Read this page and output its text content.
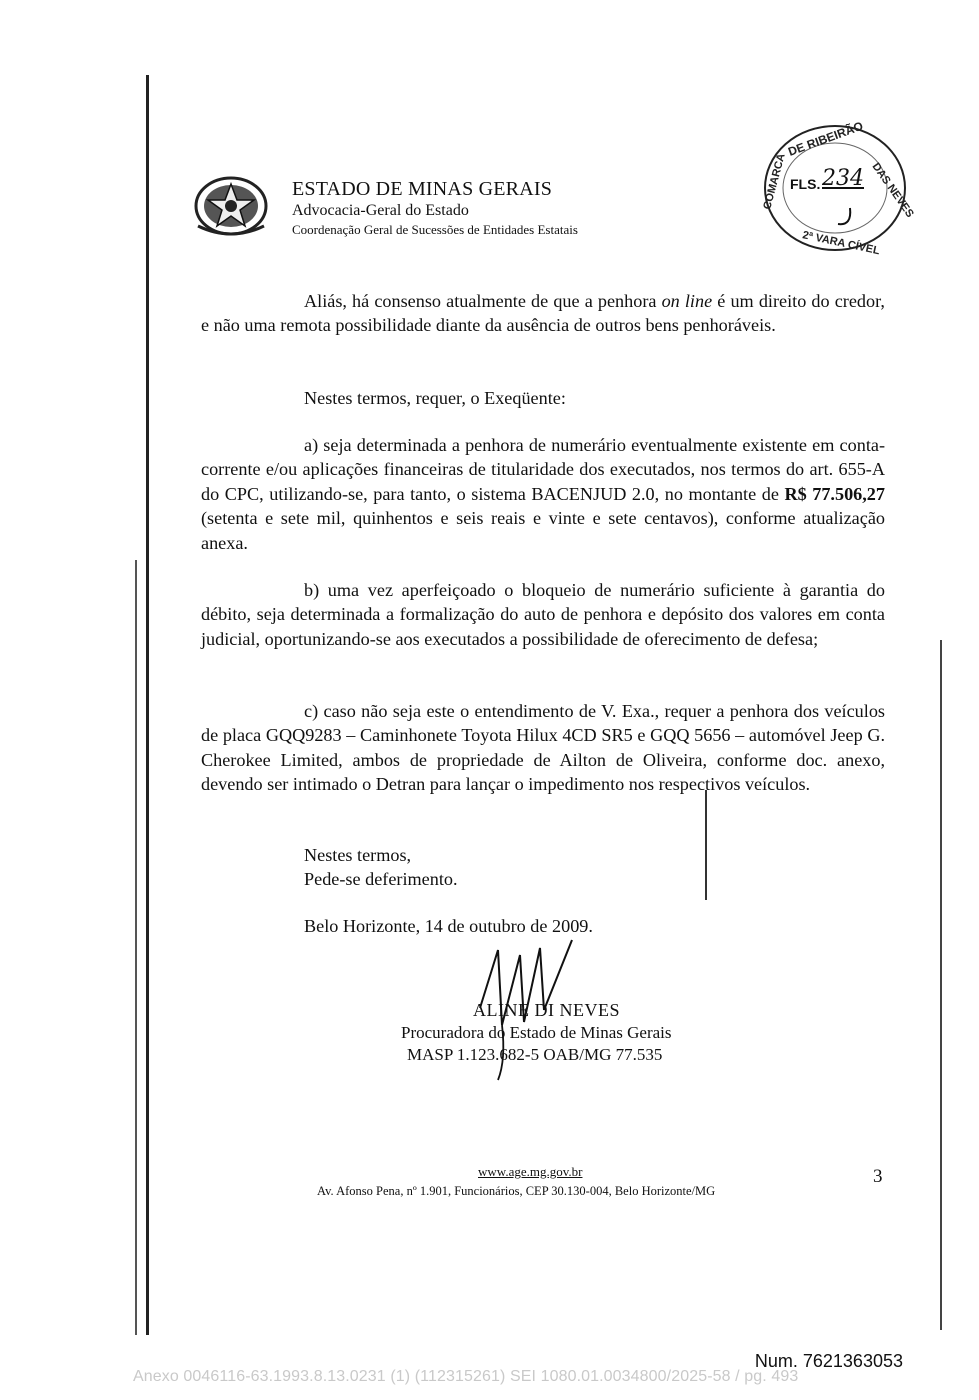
ESTADO DE MINAS GERAIS
Advocacia-Geral do Estado
Coordenação Geral de Sucessões de Entidades Estatais
DE RIBEIRÃO
DAS NEVES
COMARCA
2ª VARA CÍVEL
FLS. 234
Aliás, há consenso atualmente de que a penhora on line é um direito do credor, e não uma remota possibilidade diante da ausência de outros bens penhoráveis.
Nestes termos, requer, o Exeqüente:
a) seja determinada a penhora de numerário eventualmente existente em conta-corrente e/ou aplicações financeiras de titularidade dos executados, nos termos do art. 655-A do CPC, utilizando-se, para tanto, o sistema BACENJUD 2.0, no montante de R$ 77.506,27 (setenta e sete mil, quinhentos e seis reais e vinte e sete centavos), conforme atualização anexa.
b) uma vez aperfeiçoado o bloqueio de numerário suficiente à garantia do débito, seja determinada a formalização do auto de penhora e depósito dos valores em conta judicial, oportunizando-se aos executados a possibilidade de oferecimento de defesa;
c) caso não seja este o entendimento de V. Exa., requer a penhora dos veículos de placa GQQ9283 – Caminhonete Toyota Hilux 4CD SR5 e GQQ 5656 – automóvel Jeep G. Cherokee Limited, ambos de propriedade de Ailton de Oliveira, conforme doc. anexo, devendo ser intimado o Detran para lançar o impedimento nos respectivos veículos.
Nestes termos,
Pede-se deferimento.
Belo Horizonte, 14 de outubro de 2009.
ALINE DI NEVES
Procuradora do Estado de Minas Gerais
MASP 1.123.682-5 OAB/MG 77.535
www.age.mg.gov.br
Av. Afonso Pena, nº 1.901, Funcionários, CEP 30.130-004, Belo Horizonte/MG
3
Num. 7621363053
Anexo 0046116-63.1993.8.13.0231 (1) (112315261) SEI 1080.01.0034800/2025-58 / pg. 493
